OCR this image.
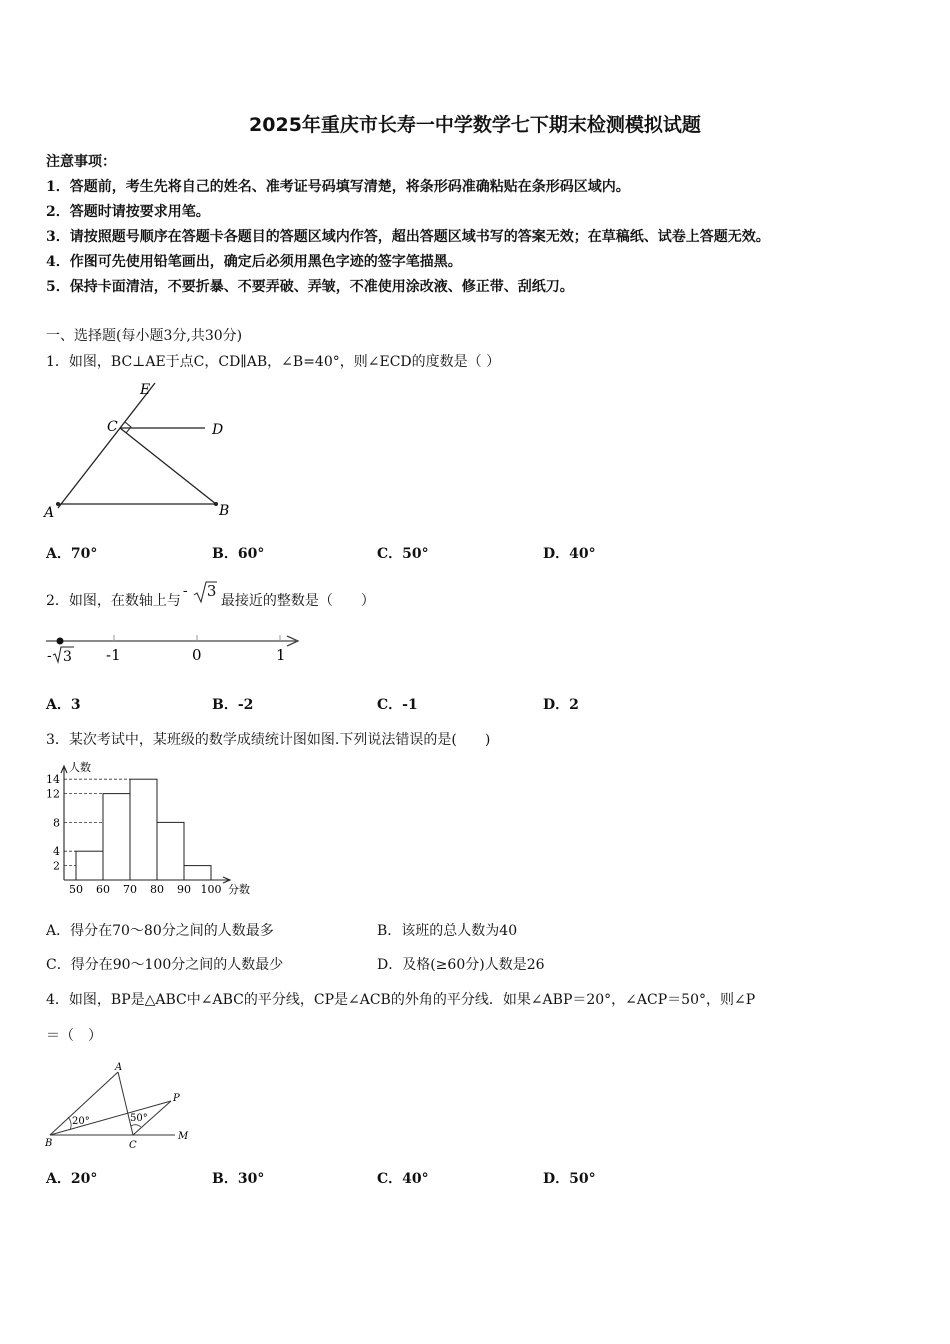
2025年重庆市长寿一中学数学七下期末检测模拟试题
注意事项：
1．答题前，考生先将自己的姓名、准考证号码填写清楚，将条形码准确粘贴在条形码区域内。
2．答题时请按要求用笔。
3．请按照题号顺序在答题卡各题目的答题区域内作答，超出答题区域书写的答案无效；在草稿纸、试卷上答题无效。
4．作图可先使用铅笔画出，确定后必须用黑色字迹的签字笔描黑。
5．保持卡面清洁，不要折暴、不要弄破、弄皱，不准使用涂改液、修正带、刮纸刀。
一、选择题(每小题3分,共30分)
1．如图，BC⊥AE于点C，CD∥AB，∠B=40°，则∠ECD的度数是（ ）
E
C	D
A	B
A．70°	B．60°	C．50°	D．40°
2．如图，在数轴上与
- 3
最接近的整数是（　　）
- 3 -1	0	1
A．3	B．-2	C．-1	D．2
3．某次考试中，某班级的数学成绩统计图如图.下列说法错误的是(　　)
2
4
8
12
14
50 60 70 80 90 100
人数
分数
A．得分在70～80分之间的人数最多	B．该班的总人数为40
C．得分在90～100分之间的人数最少	D．及格(≥60分)人数是26
4．如图，BP是△ABC中∠ABC的平分线，CP是∠ACB的外角的平分线．如果∠ABP＝20°，∠ACP＝50°，则∠P
＝（　）
A
P
B	C
M
20°	50°
A．20°	B．30°	C．40°	D．50°
